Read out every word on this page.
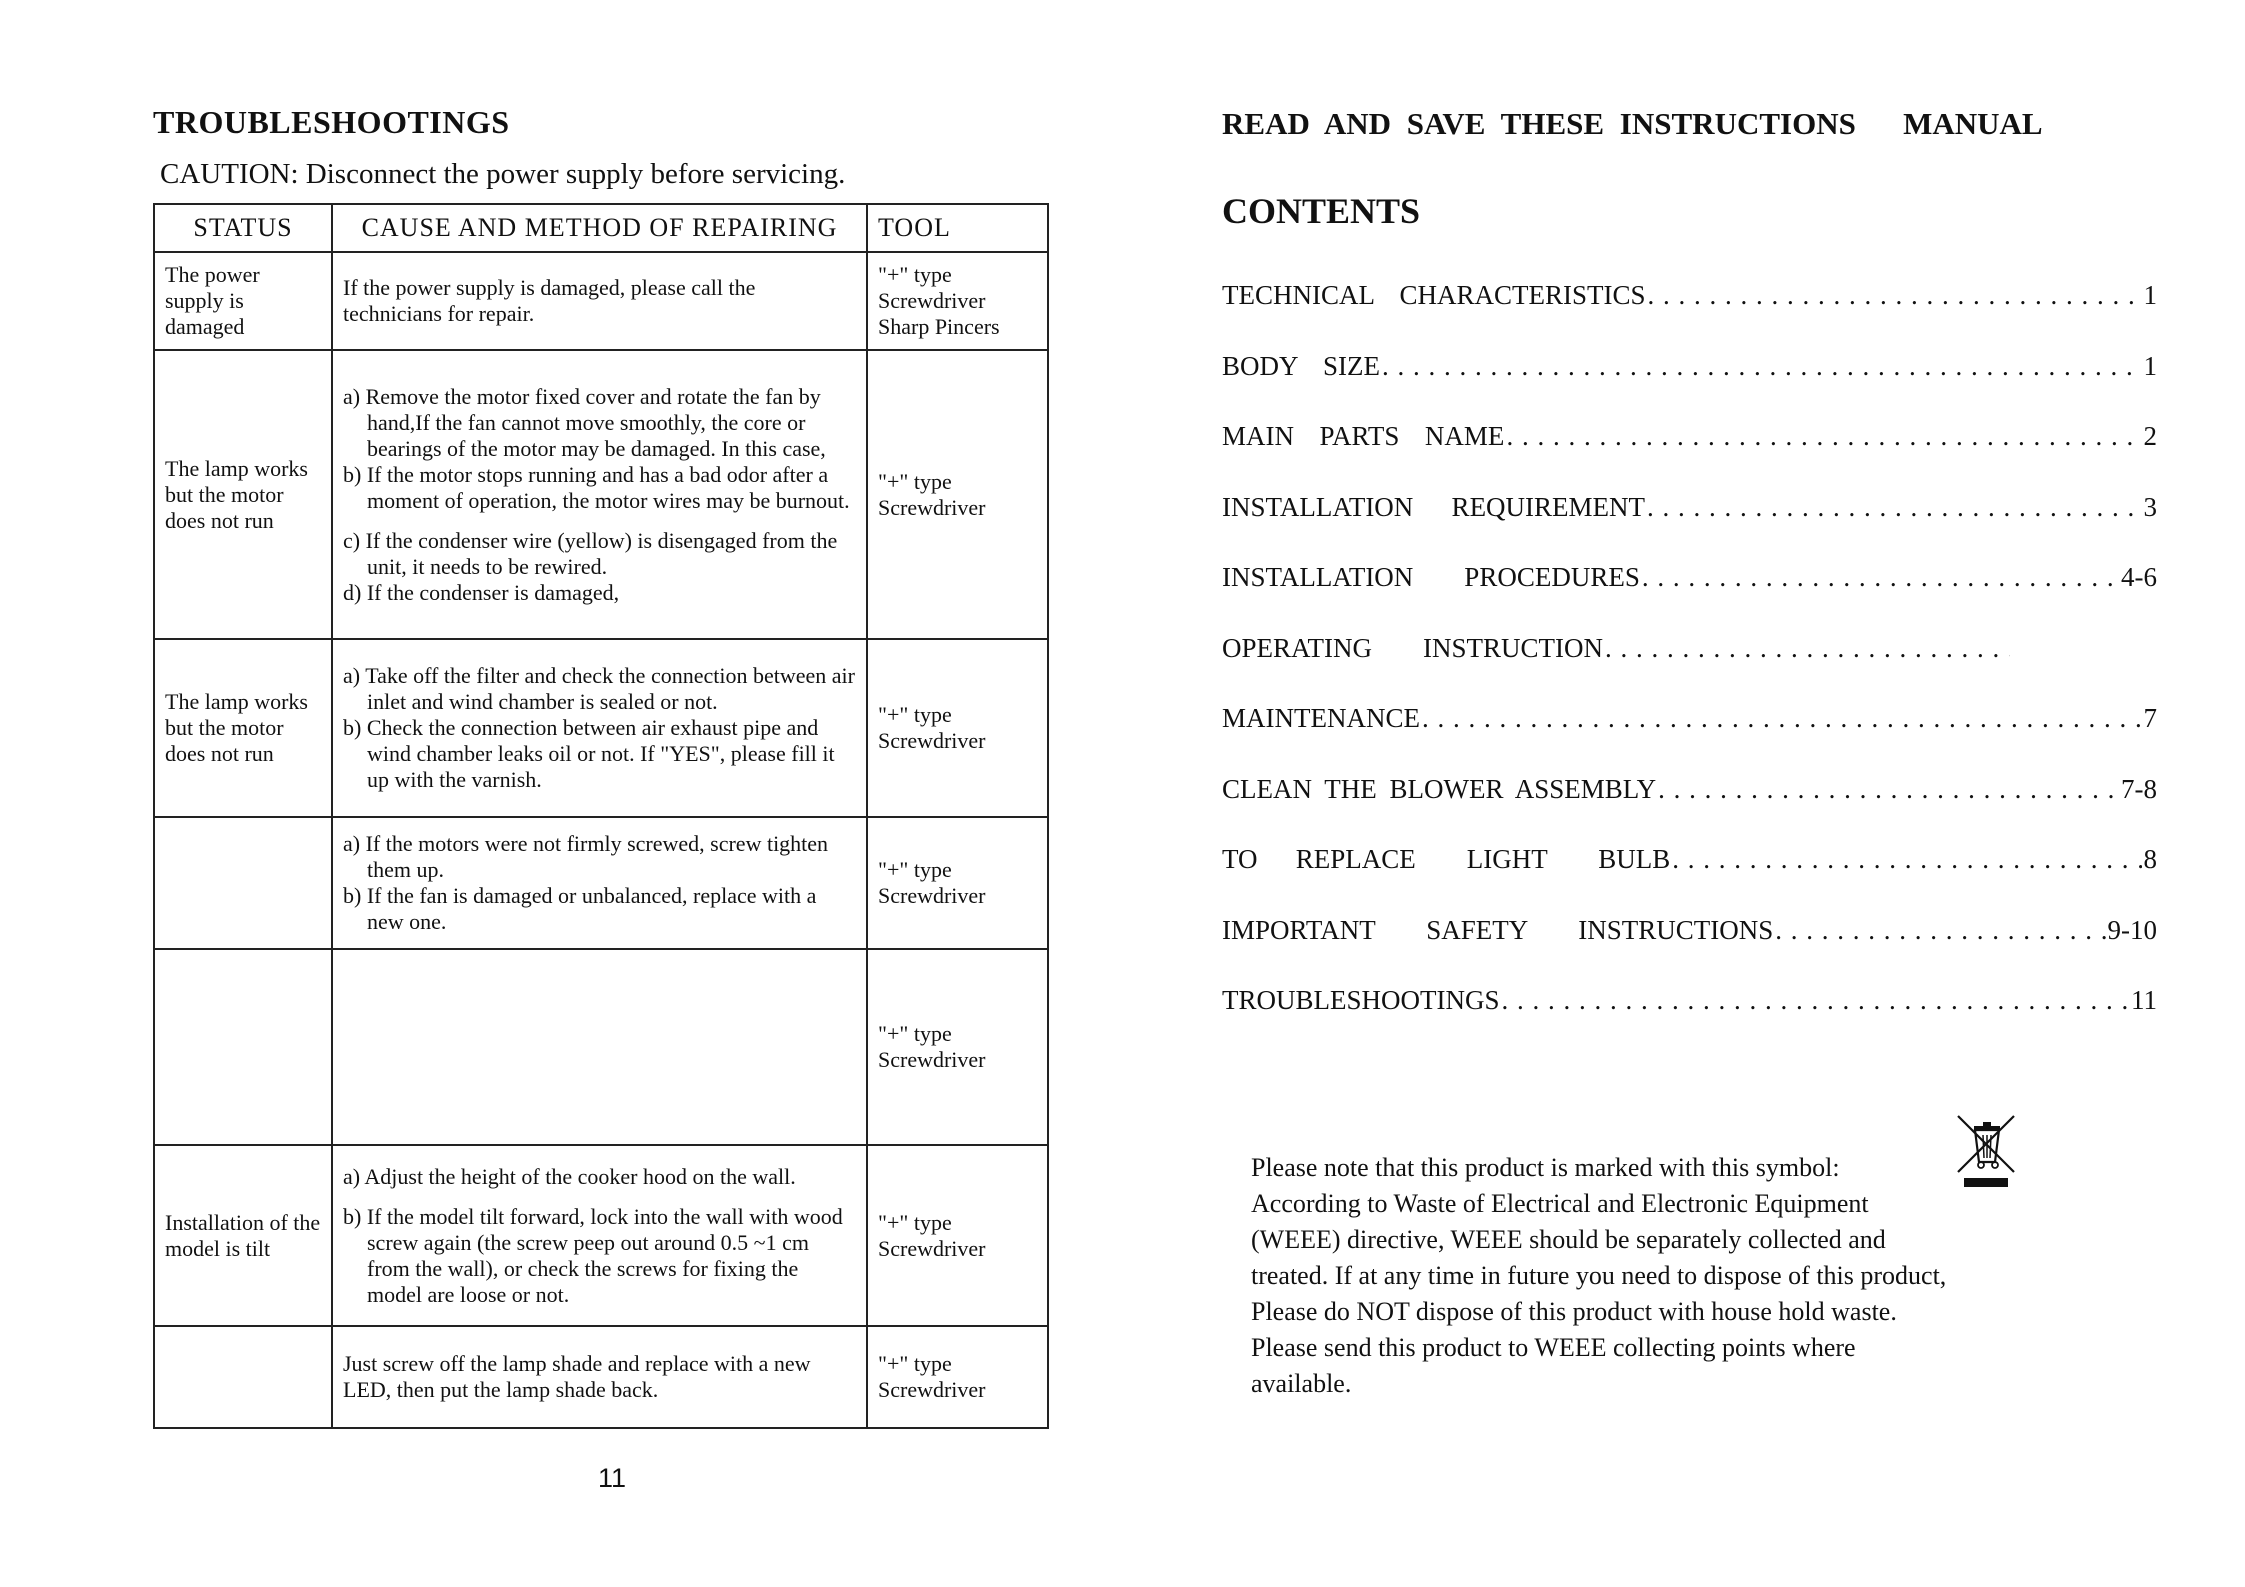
TROUBLESHOOTINGS

CAUTION: Disconnect the power supply before servicing.

STATUS	CAUSE AND METHOD OF REPAIRING	TOOL
The power supply is damaged	If the power supply is damaged, please call the technicians for repair.	"+" type Screwdriver Sharp Pincers
The lamp works but the motor does not run	a) Remove the motor fixed cover and rotate the fan by hand,If the fan cannot move smoothly, the core or bearings of the motor may be damaged. In this case,

b) If the motor stops running and has a bad odor after a moment of operation, the motor wires may be burnout.

c) If the condenser wire (yellow) is disengaged from the unit, it needs to be rewired.

d) If the condenser is damaged,	"+" type Screwdriver
The lamp works but the motor does not run	a) Take off the filter and check the connection between air inlet and wind chamber is sealed or not.

b) Check the connection between air exhaust pipe and wind chamber leaks oil or not. If "YES", please fill it up with the varnish.	"+" type Screwdriver

	a) If the motors were not firmly screwed, screw tighten them up.

b) If the fan is damaged or unbalanced, replace with a new one.	"+" type Screwdriver
		"+" type Screwdriver
Installation of the model is tilt	a) Adjust the height of the cooker hood on the wall.

b) If the model tilt forward, lock into the wall with wood screw again (the screw peep out around 0.5 ~1 cm from the wall), or check the screws for fixing the model are loose or not.	"+" type Screwdriver

	Just screw off the lamp shade and replace with a new LED, then put the lamp shade back.	"+" type Screwdriver

11

READ AND SAVE THESE INSTRUCTIONS   MANUAL
CONTENTS
TECHNICAL  CHARACTERISTICS . . .	1
BODY  SIZE . . .	1
MAIN  PARTS  NAME . . .	2
INSTALLATION   REQUIREMENT . . .	3
INSTALLATION    PROCEDURES . . .	4-6
OPERATING    INSTRUCTION
. . .
MAINTENANCE . . .	7
CLEAN THE BLOWER ASSEMBLY . . .	7-8
TO   REPLACE    LIGHT    BULB . . .	8
IMPORTANT    SAFETY    INSTRUCTIONS . . .	9-10
TROUBLESHOOTINGS . . .	11

Please note that this product is marked with this symbol: According to Waste of Electrical and Electronic Equipment (WEEE) directive, WEEE should be separately collected and treated. If at any time in future you need to dispose of this product, Please do NOT dispose of this product with house hold waste. Please send this product to WEEE collecting points where available.
